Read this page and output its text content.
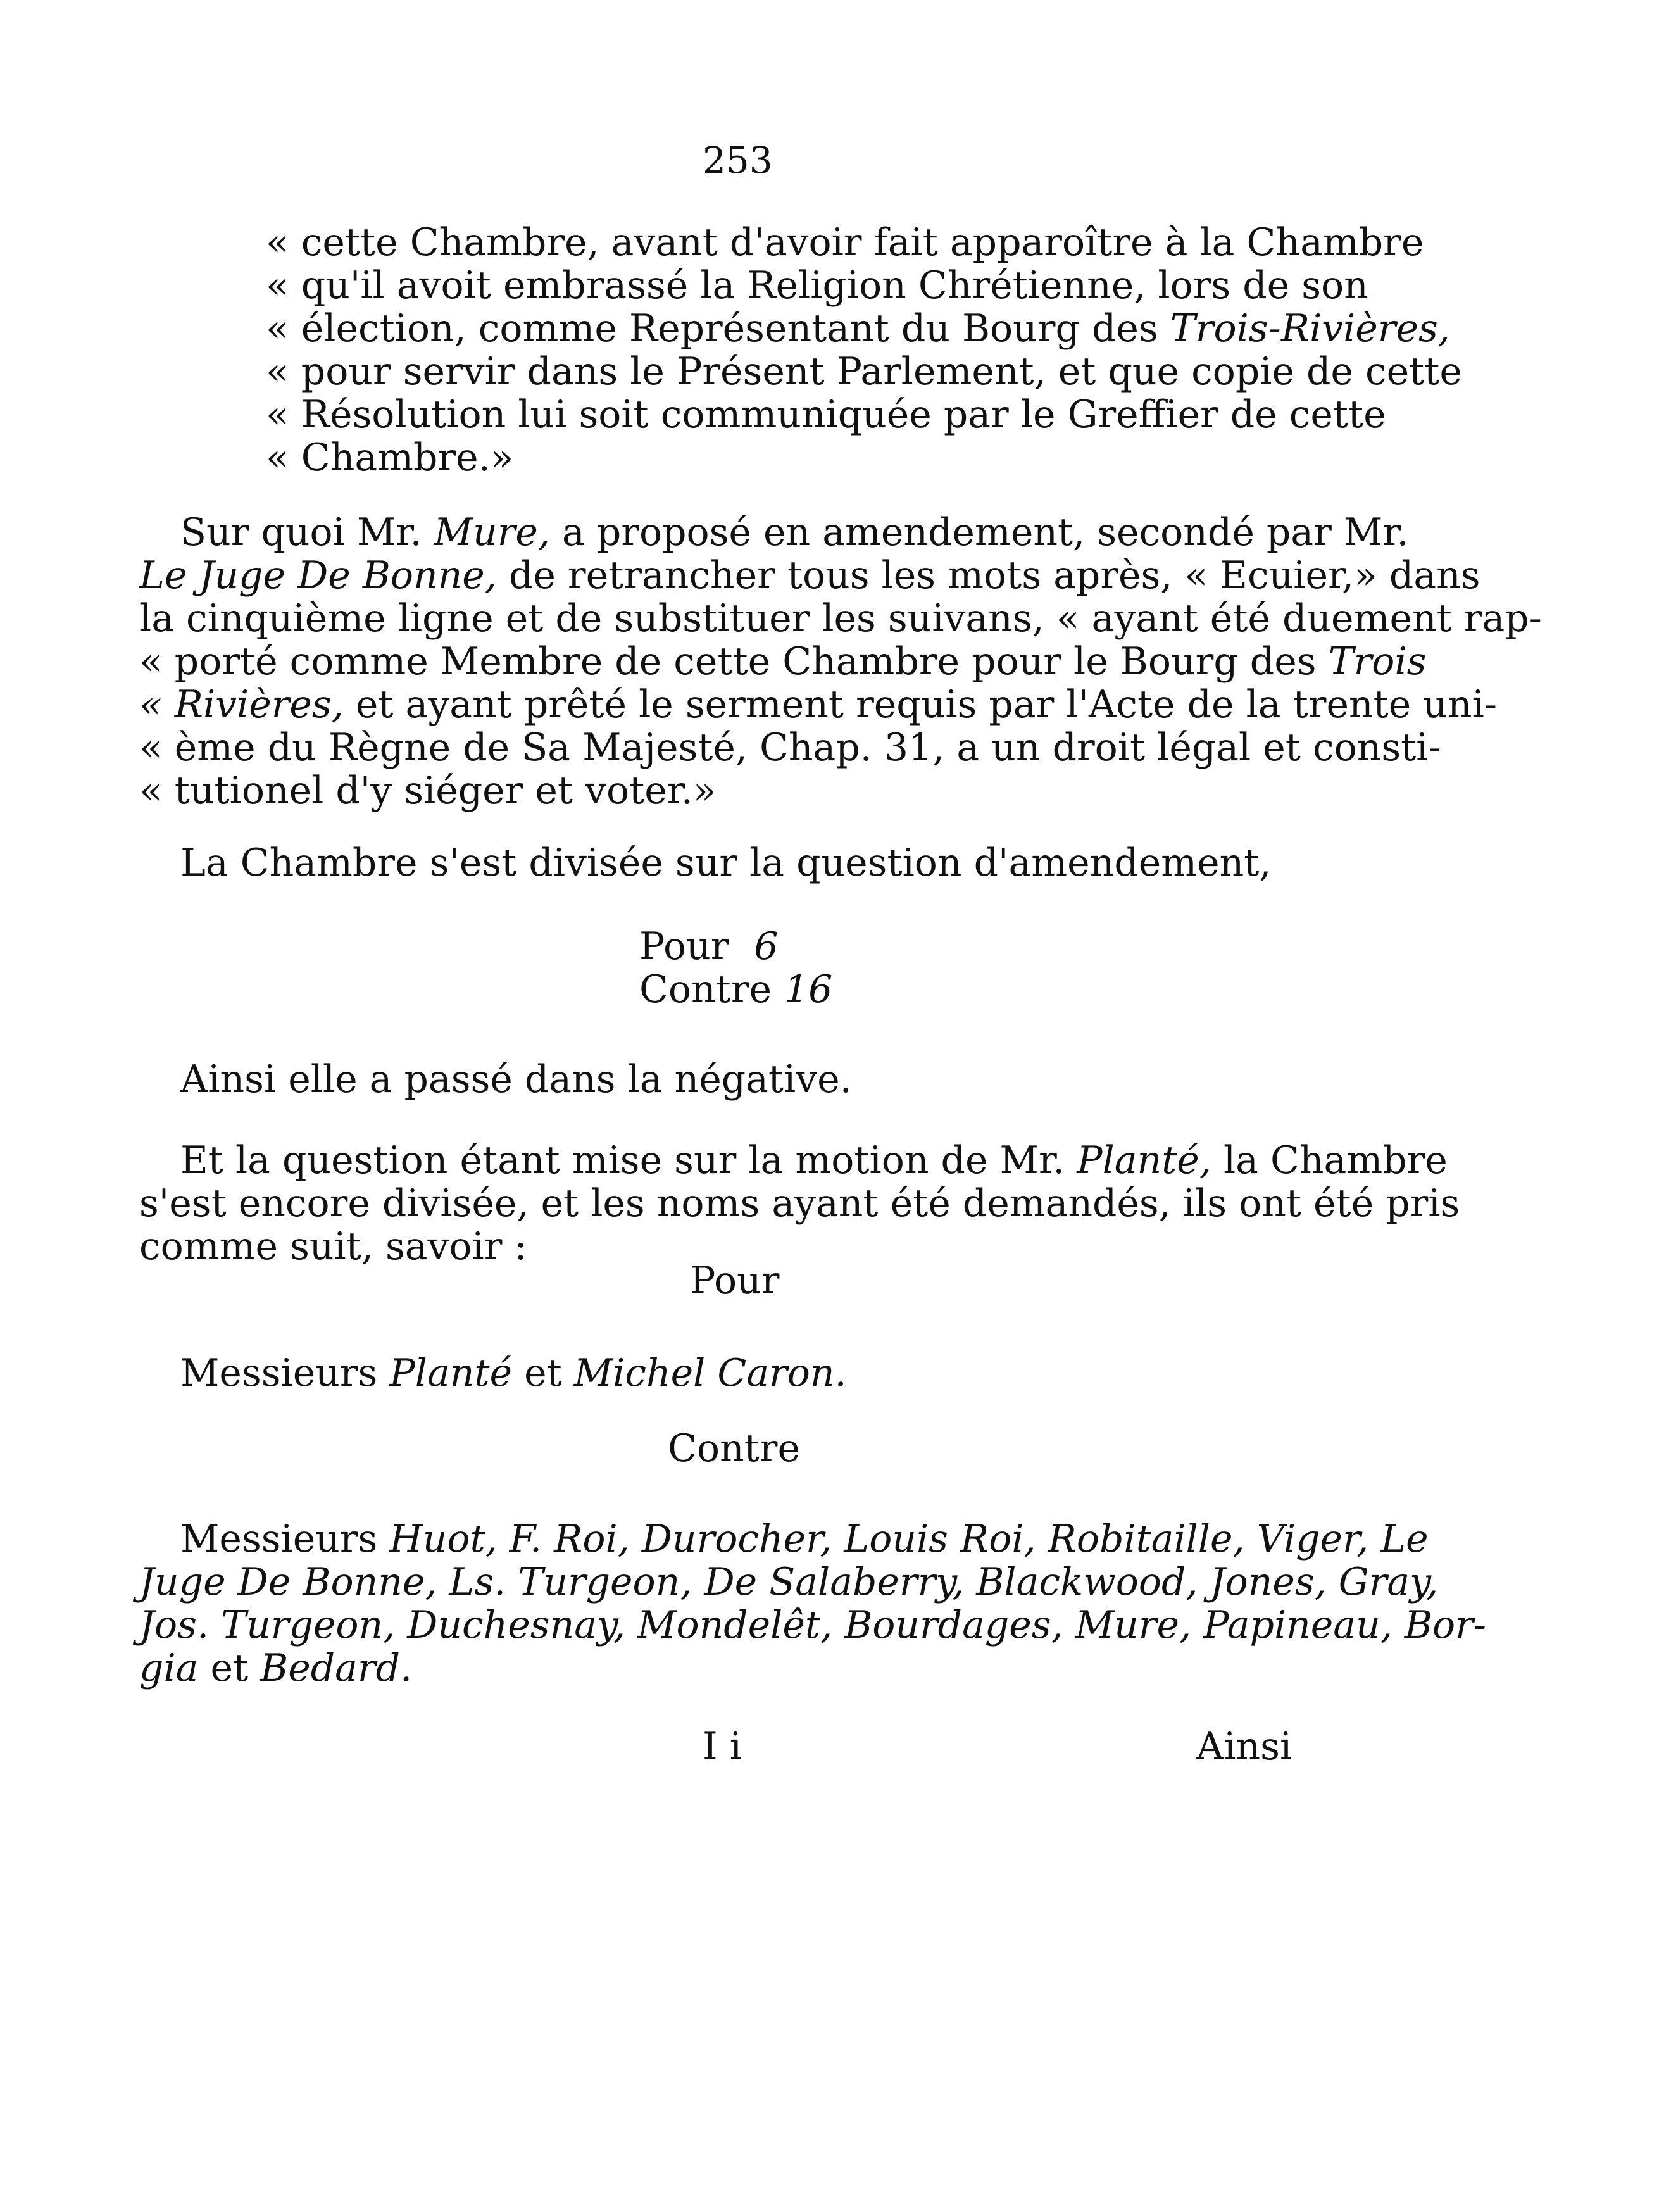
253

« cette Chambre, avant d'avoir fait apparoître à la Chambre

« qu'il avoit embrassé la Religion Chrétienne, lors de son

« élection, comme Représentant du Bourg des Trois-Rivières,

« pour servir dans le Présent Parlement, et que copie de cette

« Résolution lui soit communiquée par le Greffier de cette

« Chambre.»

Sur quoi Mr. Mure, a proposé en amendement, secondé par Mr.

Le Juge De Bonne, de retrancher tous les mots après, « Ecuier,» dans

la cinquième ligne et de substituer les suivans, « ayant été duement rap-

« porté comme Membre de cette Chambre pour le Bourg des Trois

« Rivières, et ayant prêté le serment requis par l'Acte de la trente uni-

« ème du Règne de Sa Majesté, Chap. 31, a un droit légal et consti-

« tutionel d'y siéger et voter.»

La Chambre s'est divisée sur la question d'amendement,

Pour 6

Contre 16

Ainsi elle a passé dans la négative.

Et la question étant mise sur la motion de Mr. Planté, la Chambre

s'est encore divisée, et les noms ayant été demandés, ils ont été pris

comme suit, savoir :

Pour

Messieurs Planté et Michel Caron.

Contre

Messieurs Huot, F. Roi, Durocher, Louis Roi, Robitaille, Viger, Le

Juge De Bonne, Ls. Turgeon, De Salaberry, Blackwood, Jones, Gray,

Jos. Turgeon, Duchesnay, Mondelêt, Bourdages, Mure, Papineau, Bor-

gia et Bedard.

I i	Ainsi
